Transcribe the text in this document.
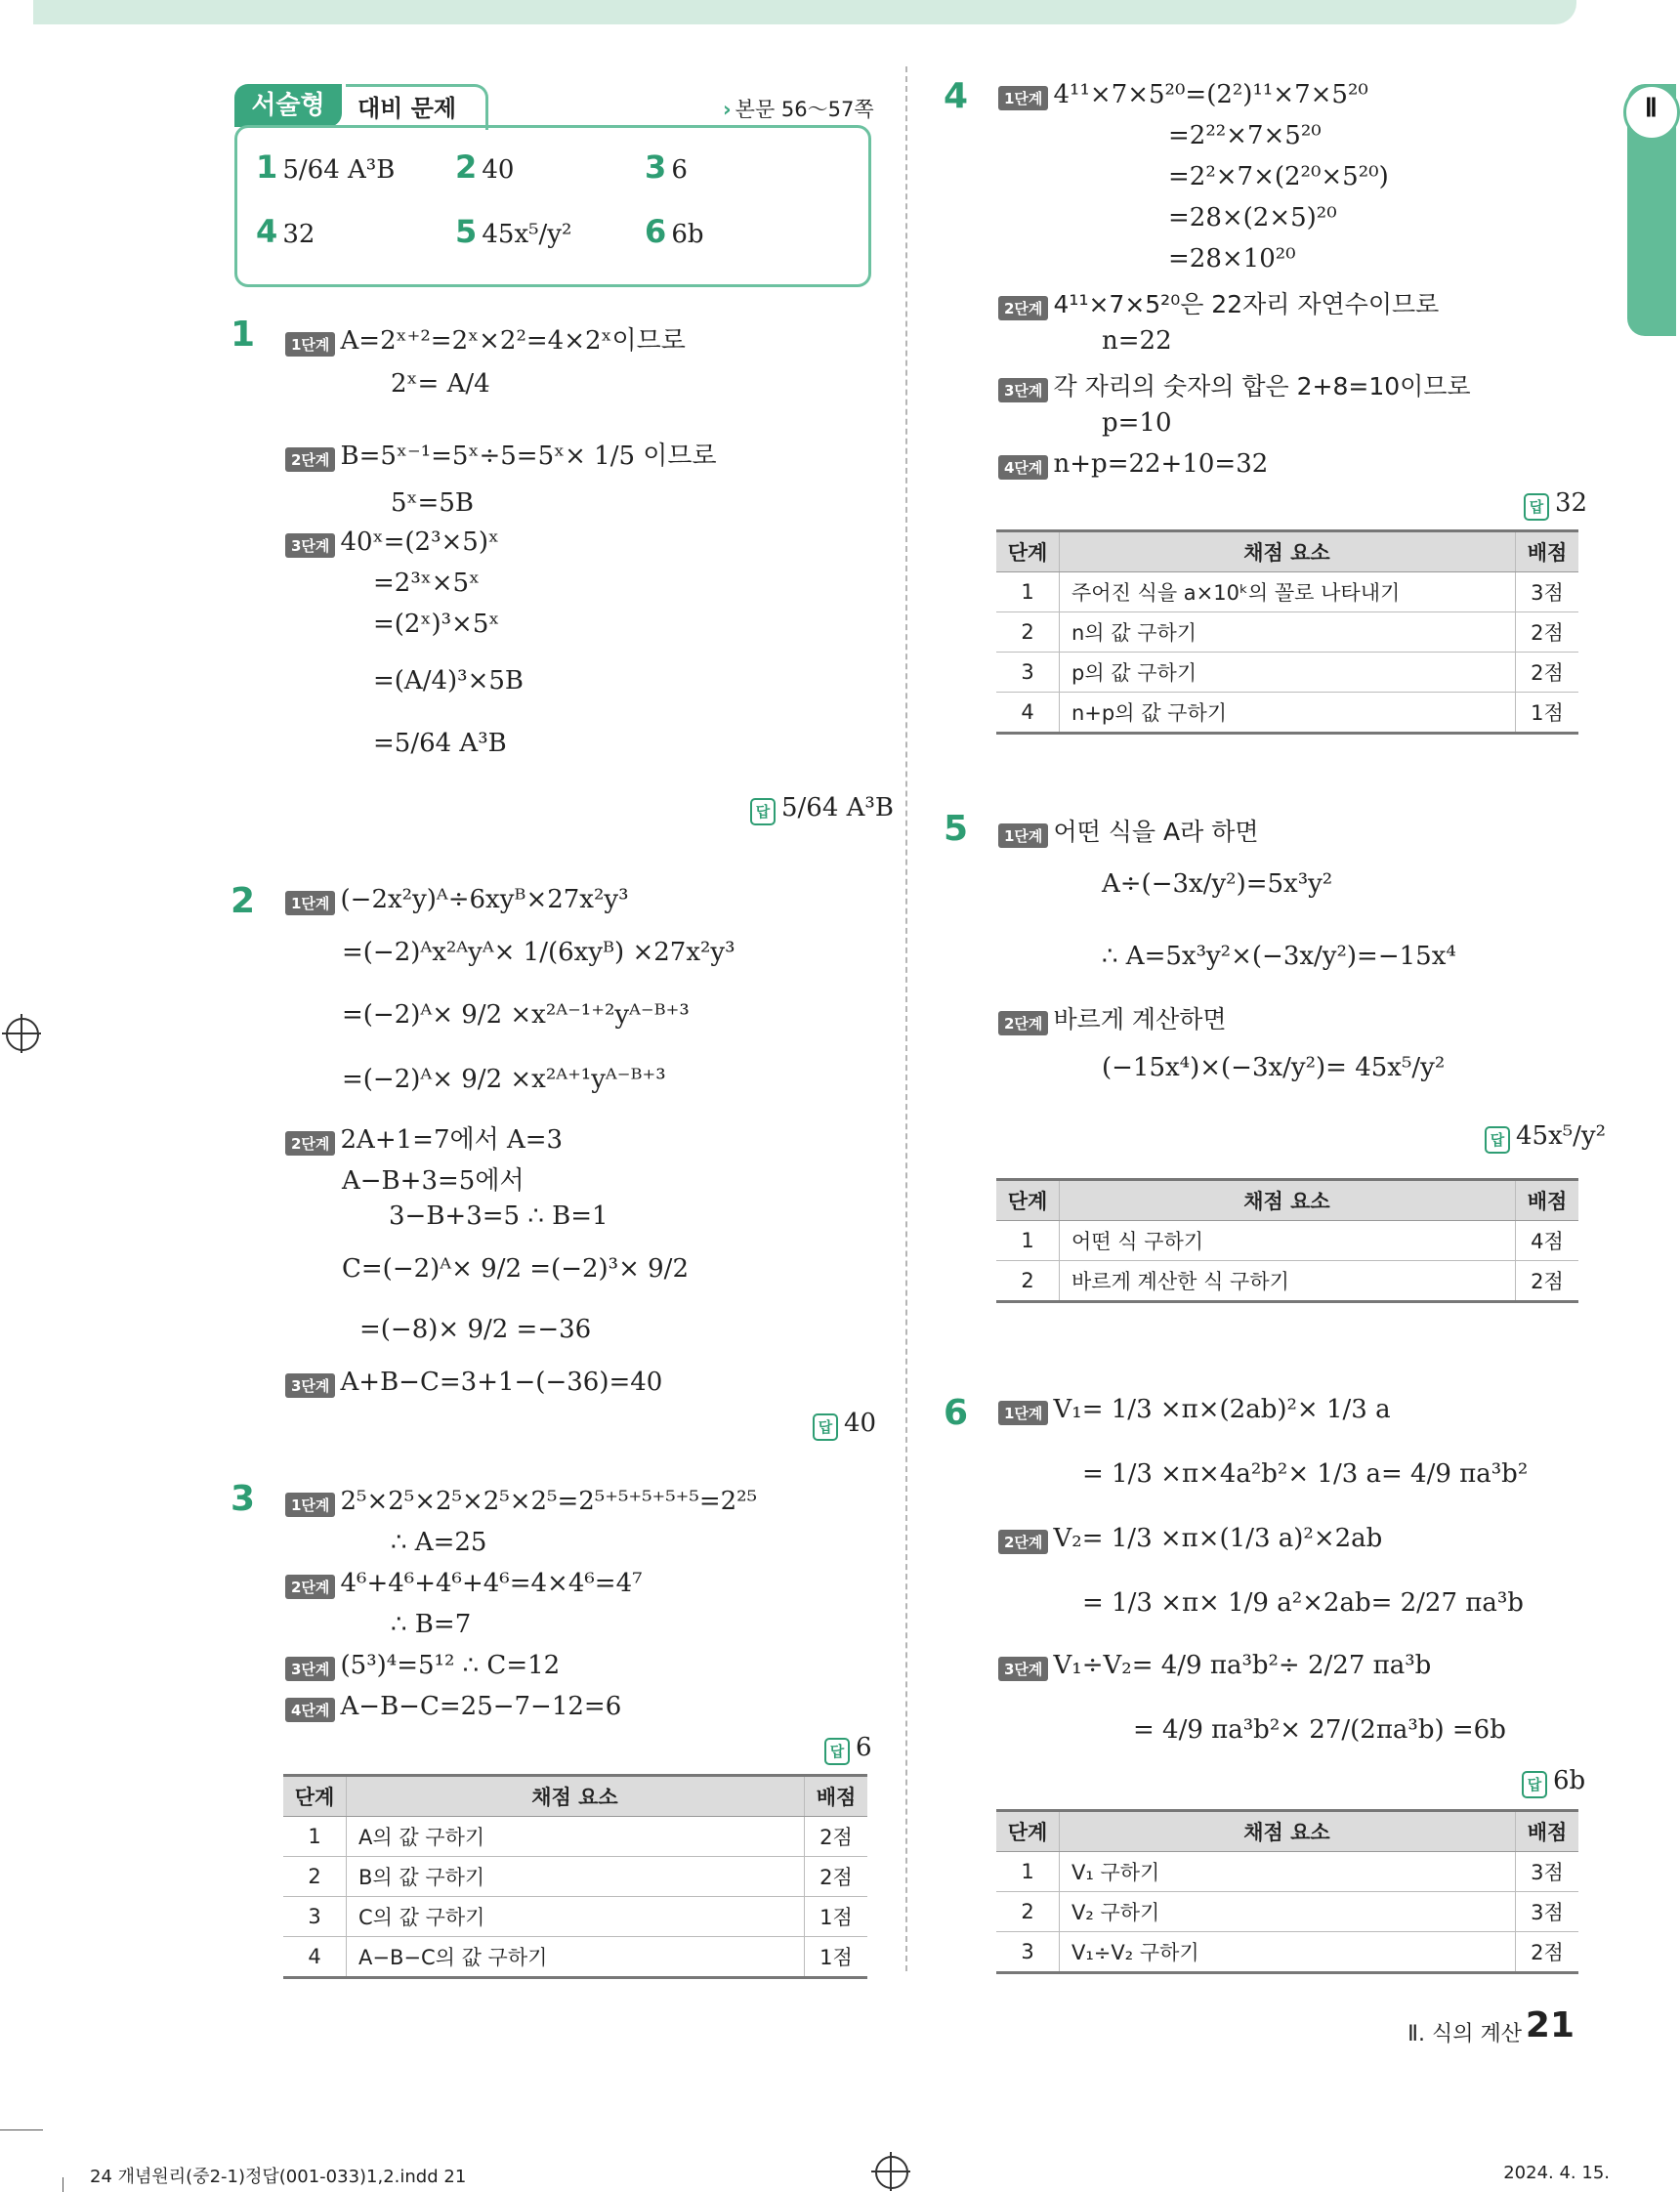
Ⅱ
서술형	대비 문제	› 본문 56～57쪽
1 5/64 A³B 2 40	3 6
4 32	5 45x⁵/y² 6 6b
1	1단계 A=2ˣ⁺²=2ˣ×2²=4×2ˣ이므로
2ˣ= A/4
2단계 B=5ˣ⁻¹=5ˣ÷5=5ˣ× 1/5 이므로
5ˣ=5B
3단계 40ˣ=(2³×5)ˣ
=2³ˣ×5ˣ
=(2ˣ)³×5ˣ
=(A/4)³×5B
=5/64 A³B
답 5/64 A³B
2	1단계 (−2x²y)ᴬ÷6xyᴮ×27x²y³
=(−2)ᴬx²ᴬyᴬ× 1/(6xyᴮ) ×27x²y³
=(−2)ᴬ× 9/2 ×x²ᴬ⁻¹⁺²yᴬ⁻ᴮ⁺³
=(−2)ᴬ× 9/2 ×x²ᴬ⁺¹yᴬ⁻ᴮ⁺³
2단계 2A+1=7에서 A=3
A−B+3=5에서
3−B+3=5 ∴ B=1
C=(−2)ᴬ× 9/2 =(−2)³× 9/2
=(−8)× 9/2 =−36
3단계 A+B−C=3+1−(−36)=40
답 40
3	1단계 2⁵×2⁵×2⁵×2⁵×2⁵=2⁵⁺⁵⁺⁵⁺⁵⁺⁵=2²⁵
∴ A=25
2단계 4⁶+4⁶+4⁶+4⁶=4×4⁶=4⁷
∴ B=7
3단계 (5³)⁴=5¹² ∴ C=12
4단계 A−B−C=25−7−12=6
답 6
단계	채점 요소	배점
1	A의 값 구하기	2점
2	B의 값 구하기	2점
3	C의 값 구하기	1점
4	A−B−C의 값 구하기	1점
4	1단계 4¹¹×7×5²⁰=(2²)¹¹×7×5²⁰
=2²²×7×5²⁰
=2²×7×(2²⁰×5²⁰)
=28×(2×5)²⁰
=28×10²⁰
2단계 4¹¹×7×5²⁰은 22자리 자연수이므로
n=22
3단계 각 자리의 숫자의 합은 2+8=10이므로
p=10
4단계 n+p=22+10=32
답 32
단계	채점 요소	배점
1	주어진 식을 a×10ᵏ의 꼴로 나타내기	3점
2	n의 값 구하기	2점
3	p의 값 구하기	2점
4	n+p의 값 구하기	1점
5	1단계 어떤 식을 A라 하면
A÷(−3x/y²)=5x³y²
∴ A=5x³y²×(−3x/y²)=−15x⁴
2단계 바르게 계산하면
(−15x⁴)×(−3x/y²)= 45x⁵/y²
답 45x⁵/y²
단계	채점 요소	배점
1	어떤 식 구하기	4점
2	바르게 계산한 식 구하기	2점
6	1단계 V₁= 1/3 ×π×(2ab)²× 1/3 a
= 1/3 ×π×4a²b²× 1/3 a= 4/9 πa³b²
2단계 V₂= 1/3 ×π×(1/3 a)²×2ab
= 1/3 ×π× 1/9 a²×2ab= 2/27 πa³b
3단계 V₁÷V₂= 4/9 πa³b²÷ 2/27 πa³b
= 4/9 πa³b²× 27/(2πa³b) =6b
답 6b
단계	채점 요소	배점
1	V₁ 구하기	3점
2	V₂ 구하기	3점
3	V₁÷V₂ 구하기	2점
Ⅱ. 식의 계산 21
24 개념원리(중2-1)정답(001-033)1,2.indd 21	2024. 4. 15.
